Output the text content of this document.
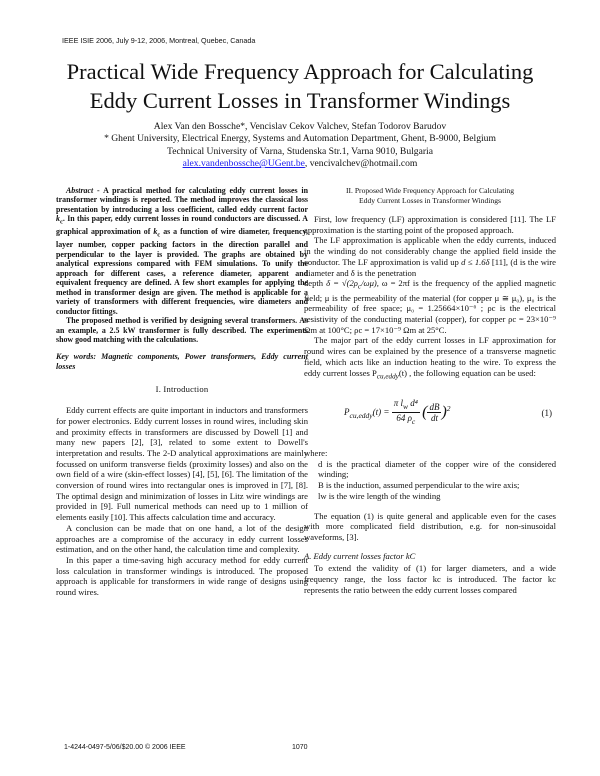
IEEE ISIE 2006, July 9-12, 2006, Montreal, Quebec, Canada
Practical Wide Frequency Approach for Calculating
Eddy Current Losses in Transformer Windings
Alex Van den Bossche*, Vencislav Cekov Valchev, Stefan Todorov Barudov
* Ghent University, Electrical Energy, Systems and Automation Department, Ghent, B-9000, Belgium
Technical University of Varna, Studenska Str.1, Varna 9010, Bulgaria
alex.vandenbossche@UGent.be, vencivalchev@hotmail.com

Abstract - A practical method for calculating eddy current losses in transformer windings is reported. The method improves the classical loss presentation by introducing a loss coefficient, called eddy current factor $k_c$. In this paper, eddy current losses in round conductors are discussed. A graphical approximation of $k_c$ as a function of wire diameter, frequency, layer number, copper packing factors in the direction parallel and perpendicular to the layer is provided. The graphs are obtained by analytical expressions compared with FEM simulations. To unify the approach for different cases, a reference diameter, apparent and equivalent frequency are defined. A few short examples for applying the method in transformer design are given. The method is applicable for a variety of transformers with different frequencies, wire diameters and conductor fittings.

The proposed method is verified by designing several transformers. As an example, a 2.5 kW transformer is fully described. The experiments show good matching with the calculations.

Key words: Magnetic components, Power transformers, Eddy current losses

I. Introduction

Eddy current effects are quite important in inductors and transformers for power electronics. Eddy current losses in round wires, including skin and proximity effects in transformers are discussed by Dowell [1] and many new papers [2], [3], related to some extent to Dowell's interpretation and results. The 2-D analytical approximations are mainly focussed on uniform transverse fields (proximity losses) and also on the own field of a wire (skin-effect losses) [4], [5], [6]. The limitation of the conversion of round wires into rectangular ones is improved in [7], [8]. The optimal design and minimization of losses in Litz wire windings are provided in [9]. Full numerical methods can need up to 1 million of elements easily [10]. This affects calculation time and accuracy.

A conclusion can be made that on one hand, a lot of the design approaches are a compromise of the accuracy in eddy current losses estimation, and on the other hand, the calculation time and complexity.

In this paper a time-saving high accuracy method for eddy current loss calculation in transformer windings is introduced. The proposed approach is applicable for transformers in wide range of designs using round wires.

II. Proposed Wide Frequency Approach for Calculating
Eddy Current Losses in Transformer Windings

First, low frequency (LF) approximation is considered [11]. The LF approximation is the starting point of the proposed approach.

The LF approximation is applicable when the eddy currents, induced in the winding do not considerably change the applied field inside the conductor. The LF approximation is valid up d ≤ 1.6δ [11], (d is the wire diameter and δ is the penetration

depth $\delta = √(2\rho_c/\omega\mu)$, ω = 2πf is the frequency of the applied magnetic field; μ is the permeability of the material (for copper μ ≅ μ₀), μ₀ is the permeability of free space; μ₀ = 1.25664×10⁻⁶ ; ρc is the electrical resistivity of the conducting material (copper), for copper ρc = 23×10⁻⁹ Ωm at 100°C; ρc = 17×10⁻⁹ Ωm at 25°C.

The major part of the eddy current losses in LF approximation for round wires can be explained by the presence of a transverse magnetic field, which acts like an induction heating to the wire. To express the eddy current losses $P_{cu,eddy}(t)$ , the following equation can be used:

$P_{cu,eddy}(t) = \frac{\pi l_w d^4}{64 \rho_c}$ ( $\frac{dB}{dt} )^2$	(1)

where:

d is the practical diameter of the copper wire of the considered winding;

B is the induction, assumed perpendicular to the wire axis;

lw is the wire length of the winding

The equation (1) is quite general and applicable even for the cases with more complicated field distribution, e.g. for non-sinusoidal waveforms, [3].

A. Eddy current losses factor kC

To extend the validity of (1) for larger diameters, and a wide frequency range, the loss factor kc is introduced. The factor kc represents the ratio between the eddy current losses compared

1-4244-0497-5/06/$20.00 © 2006 IEEE	1070
